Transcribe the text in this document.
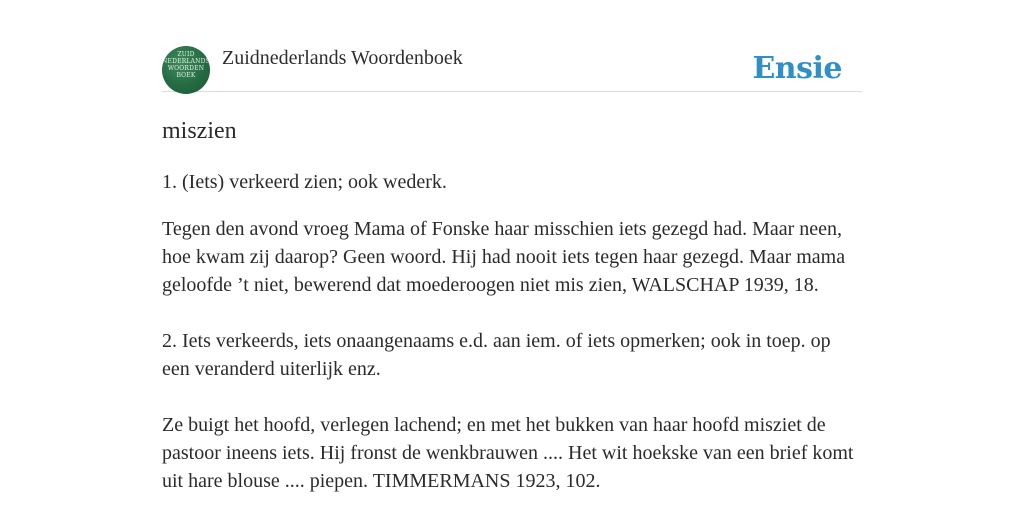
ZUID
NEDERLANDS
WOORDEN
BOEK
Zuidnederlands Woordenboek	Ensie
miszien

1. (Iets) verkeerd zien; ook wederk.

Tegen den avond vroeg Mama of Fonske haar misschien iets gezegd had. Maar neen, hoe kwam zij daarop? Geen woord. Hij had nooit iets tegen haar gezegd. Maar mama geloofde ’t niet, bewerend dat moederoogen niet mis zien, WALSCHAP 1939, 18.

2. Iets verkeerds, iets onaangenaams e.d. aan iem. of iets opmerken; ook in toep. op een veranderd uiterlijk enz.

Ze buigt het hoofd, verlegen lachend; en met het bukken van haar hoofd misziet de pastoor ineens iets. Hij fronst de wenkbrauwen .... Het wit hoekske van een brief komt uit hare blouse .... piepen. TIMMERMANS 1923, 102.
